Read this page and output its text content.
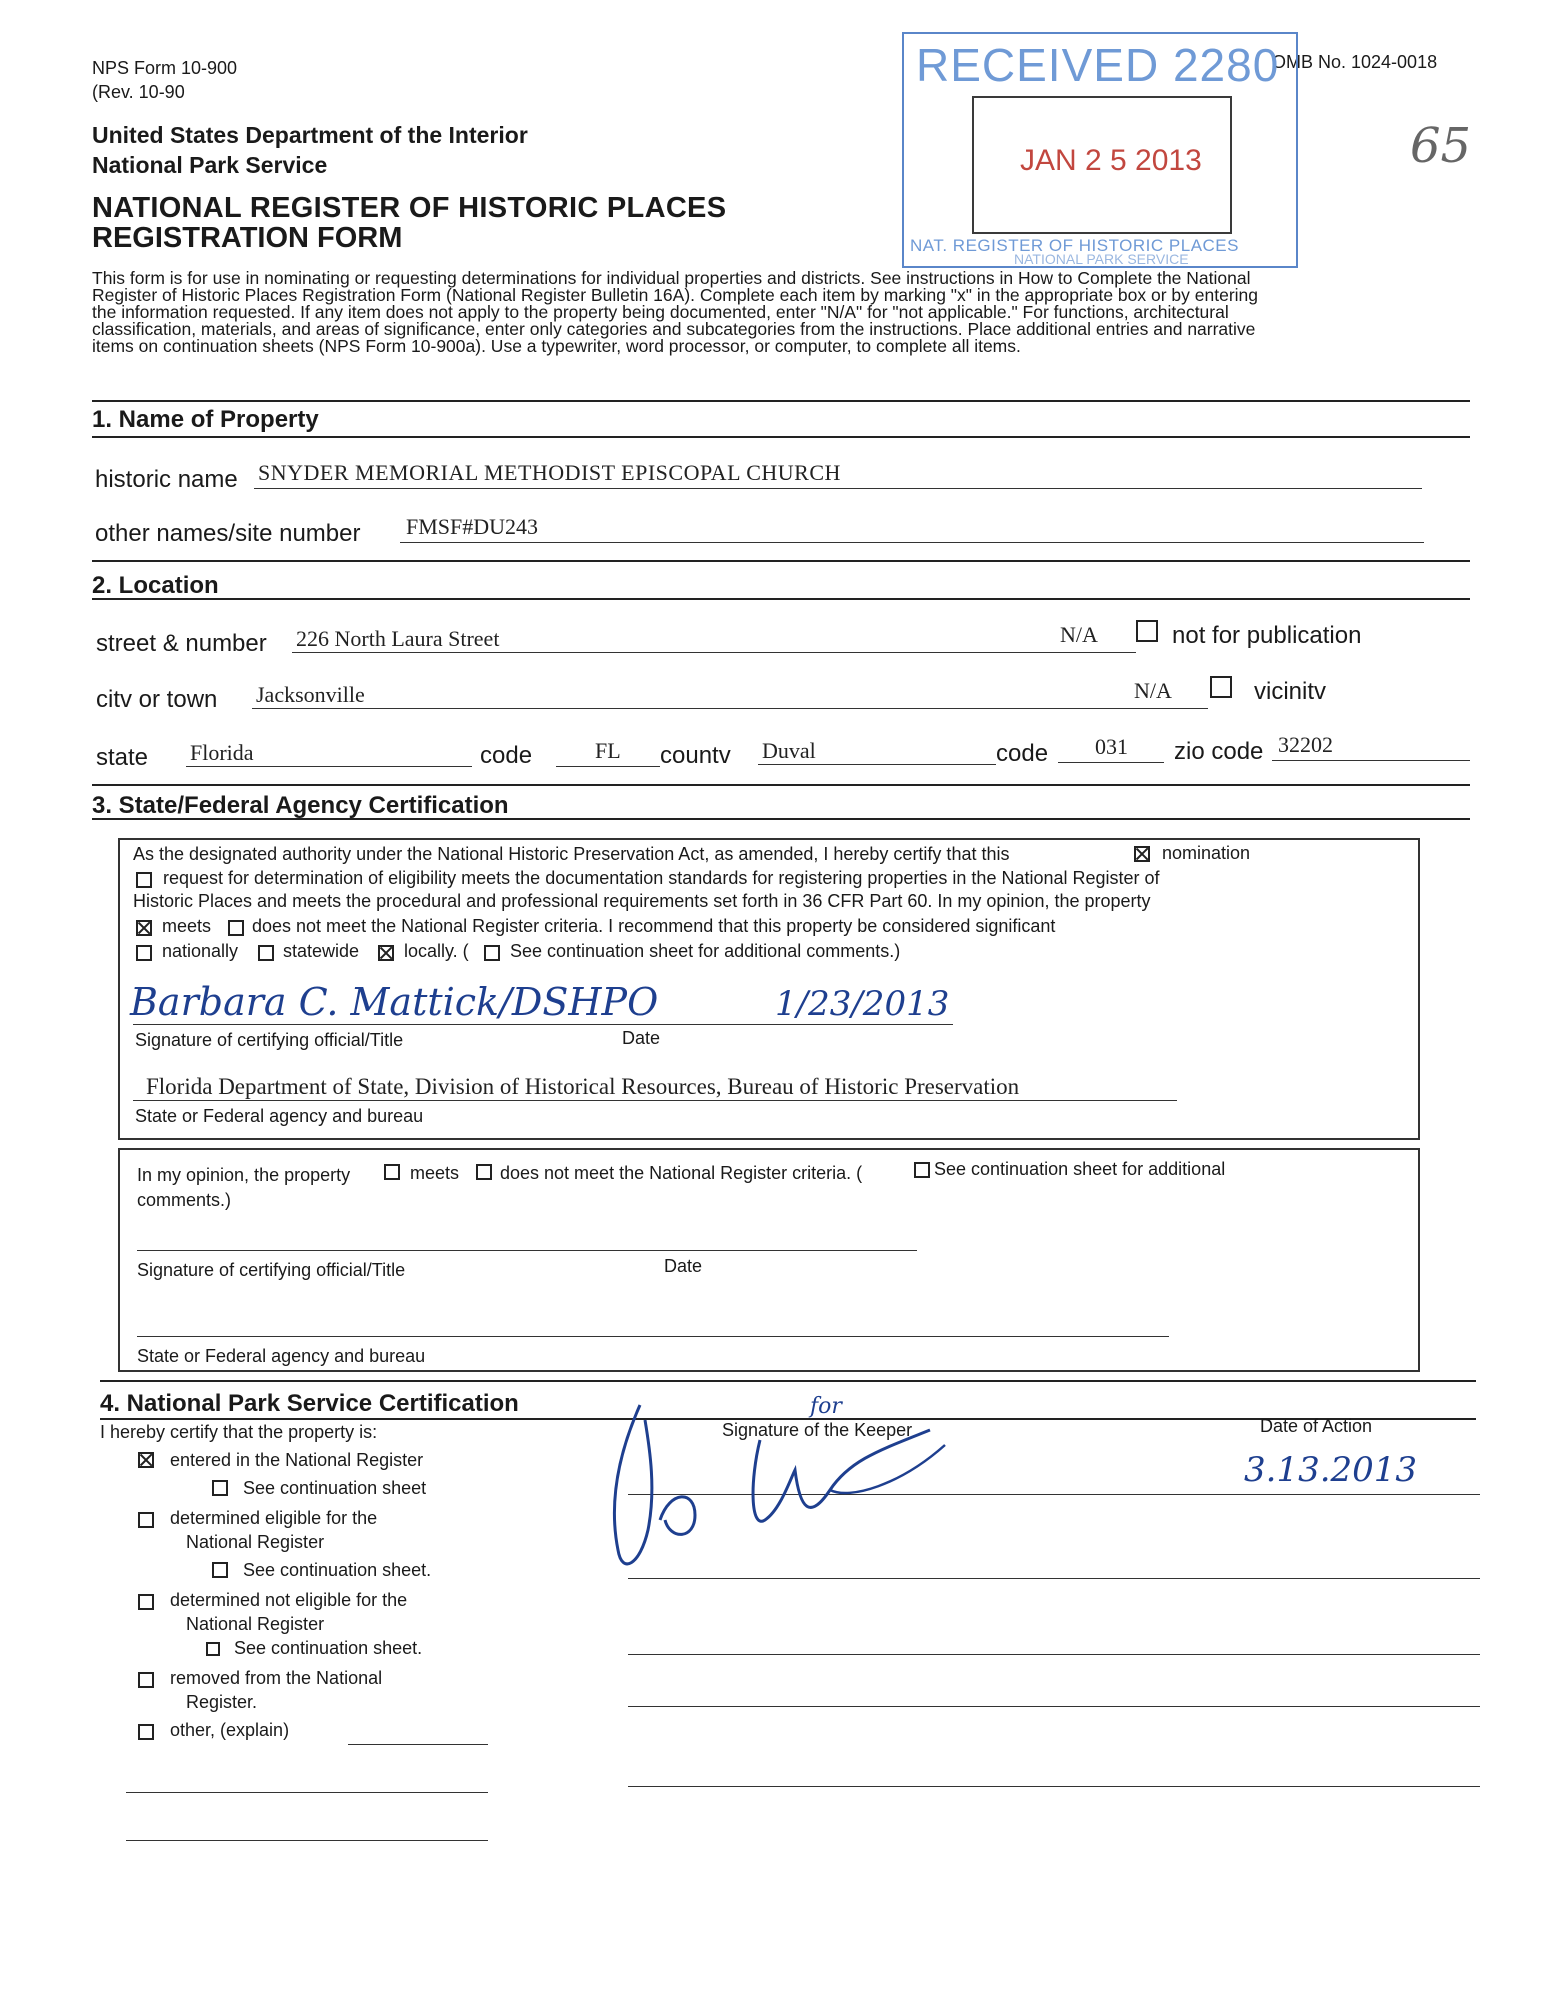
NPS Form 10-900
(Rev. 10-90
OMB No. 1024-0018
United States Department of the Interior
National Park Service
NATIONAL REGISTER OF HISTORIC PLACES
REGISTRATION FORM
RECEIVED 2280
JAN 2 5 2013
NAT. REGISTER OF HISTORIC PLACES
NATIONAL PARK SERVICE
65
This form is for use in nominating or requesting determinations for individual properties and districts. See instructions in How to Complete the National
Register of Historic Places Registration Form (National Register Bulletin 16A). Complete each item by marking "x" in the appropriate box or by entering
the information requested. If any item does not apply to the property being documented, enter "N/A" for "not applicable." For functions, architectural
classification, materials, and areas of significance, enter only categories and subcategories from the instructions. Place additional entries and narrative
items on continuation sheets (NPS Form 10-900a). Use a typewriter, word processor, or computer, to complete all items.
1. Name of Property
historic name SNYDER MEMORIAL METHODIST EPISCOPAL CHURCH
other names/site number FMSF#DU243
2. Location
street & number 226 North Laura Street	N/A	not for publication
citv or town Jacksonville	N/A	vicinitv
state Florida	code	FL countv Duval	code 031 zio code 32202
3. State/Federal Agency Certification
As the designated authority under the National Historic Preservation Act, as amended, I hereby certify that this	nomination
request for determination of eligibility meets the documentation standards for registering properties in the National Register of
Historic Places and meets the procedural and professional requirements set forth in 36 CFR Part 60. In my opinion, the property
meets does not meet the National Register criteria. I recommend that this property be considered significant
nationally statewide locally. ( See continuation sheet for additional comments.)
Barbara C. Mattick/DSHPO	1/23/2013
Signature of certifying official/Title	Date
Florida Department of State, Division of Historical Resources, Bureau of Historic Preservation
State or Federal agency and bureau
In my opinion, the property	meets does not meet the National Register criteria. (	See continuation sheet for additional
comments.)
Signature of certifying official/Title	Date
State or Federal agency and bureau
4. National Park Service Certification
I hereby certify that the property is:
entered in the National Register
See continuation sheet
determined eligible for the
National Register
See continuation sheet.
determined not eligible for the
National Register
See continuation sheet.
removed from the National
Register.
other, (explain)
Signature of the Keeper
for
Date of Action
3.13.2013
